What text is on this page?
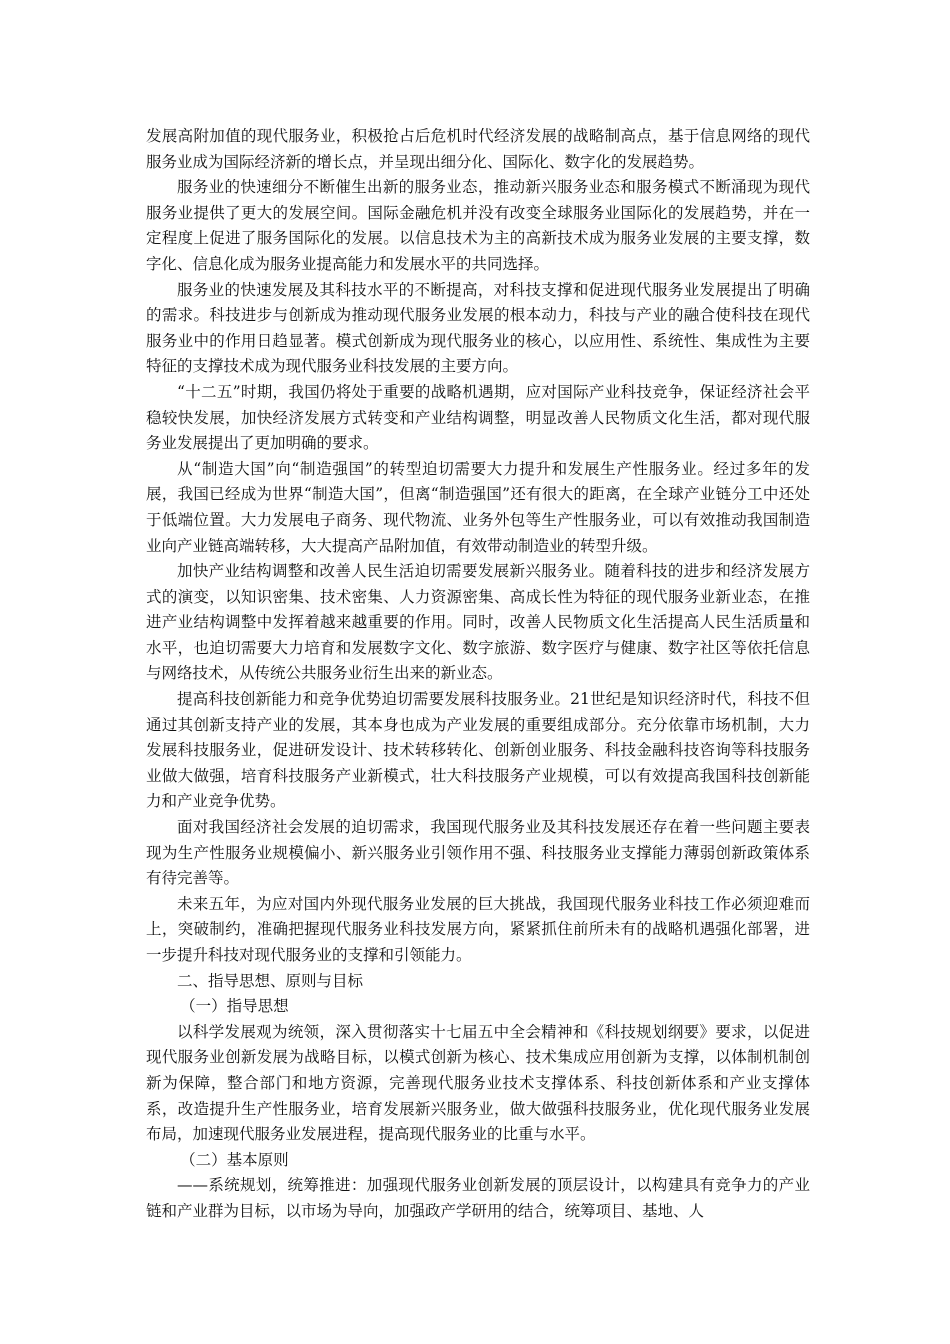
发展高附加值的现代服务业，积极抢占后危机时代经济发展的战略制高点，基于信息网络的现代服务业成为国际经济新的增长点，并呈现出细分化、国际化、数字化的发展趋势。

服务业的快速细分不断催生出新的服务业态，推动新兴服务业态和服务模式不断涌现为现代服务业提供了更大的发展空间。国际金融危机并没有改变全球服务业国际化的发展趋势，并在一定程度上促进了服务国际化的发展。以信息技术为主的高新技术成为服务业发展的主要支撑，数字化、信息化成为服务业提高能力和发展水平的共同选择。

服务业的快速发展及其科技水平的不断提高，对科技支撑和促进现代服务业发展提出了明确的需求。科技进步与创新成为推动现代服务业发展的根本动力，科技与产业的融合使科技在现代服务业中的作用日趋显著。模式创新成为现代服务业的核心，以应用性、系统性、集成性为主要特征的支撑技术成为现代服务业科技发展的主要方向。

“十二五”时期，我国仍将处于重要的战略机遇期，应对国际产业科技竞争，保证经济社会平稳较快发展，加快经济发展方式转变和产业结构调整，明显改善人民物质文化生活，都对现代服务业发展提出了更加明确的要求。

从“制造大国”向“制造强国”的转型迫切需要大力提升和发展生产性服务业。经过多年的发展，我国已经成为世界“制造大国”，但离“制造强国”还有很大的距离，在全球产业链分工中还处于低端位置。大力发展电子商务、现代物流、业务外包等生产性服务业，可以有效推动我国制造业向产业链高端转移，大大提高产品附加值，有效带动制造业的转型升级。

加快产业结构调整和改善人民生活迫切需要发展新兴服务业。随着科技的进步和经济发展方式的演变，以知识密集、技术密集、人力资源密集、高成长性为特征的现代服务业新业态，在推进产业结构调整中发挥着越来越重要的作用。同时，改善人民物质文化生活提高人民生活质量和水平，也迫切需要大力培育和发展数字文化、数字旅游、数字医疗与健康、数字社区等依托信息与网络技术，从传统公共服务业衍生出来的新业态。

提高科技创新能力和竞争优势迫切需要发展科技服务业。21世纪是知识经济时代，科技不但通过其创新支持产业的发展，其本身也成为产业发展的重要组成部分。充分依靠市场机制，大力发展科技服务业，促进研发设计、技术转移转化、创新创业服务、科技金融科技咨询等科技服务业做大做强，培育科技服务产业新模式，壮大科技服务产业规模，可以有效提高我国科技创新能力和产业竞争优势。

面对我国经济社会发展的迫切需求，我国现代服务业及其科技发展还存在着一些问题主要表现为生产性服务业规模偏小、新兴服务业引领作用不强、科技服务业支撑能力薄弱创新政策体系有待完善等。

未来五年，为应对国内外现代服务业发展的巨大挑战，我国现代服务业科技工作必须迎难而上，突破制约，准确把握现代服务业科技发展方向，紧紧抓住前所未有的战略机遇强化部署，进一步提升科技对现代服务业的支撑和引领能力。

二、指导思想、原则与目标

（一）指导思想

以科学发展观为统领，深入贯彻落实十七届五中全会精神和《科技规划纲要》要求，以促进现代服务业创新发展为战略目标，以模式创新为核心、技术集成应用创新为支撑，以体制机制创新为保障，整合部门和地方资源，完善现代服务业技术支撑体系、科技创新体系和产业支撑体系，改造提升生产性服务业，培育发展新兴服务业，做大做强科技服务业，优化现代服务业发展布局，加速现代服务业发展进程，提高现代服务业的比重与水平。

（二）基本原则

——系统规划，统筹推进：加强现代服务业创新发展的顶层设计，以构建具有竞争力的产业链和产业群为目标，以市场为导向，加强政产学研用的结合，统筹项目、基地、人
